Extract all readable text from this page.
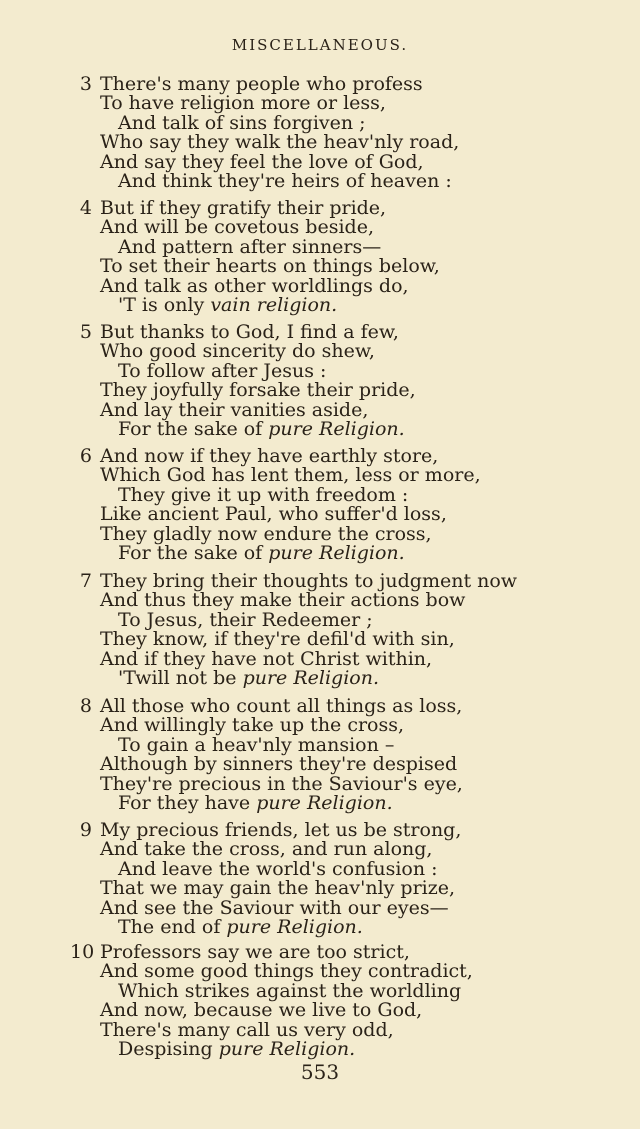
MISCELLANEOUS.
3 There's many people who profess
To have religion more or less,
And talk of sins forgiven ;
Who say they walk the heav'nly road,
And say they feel the love of God,
And think they're heirs of heaven :
4 But if they gratify their pride,
And will be covetous beside,
And pattern after sinners—
To set their hearts on things below,
And talk as other worldlings do,
'T is only vain religion.
5 But thanks to God, I find a few,
Who good sincerity do shew,
To follow after Jesus :
They joyfully forsake their pride,
And lay their vanities aside,
For the sake of pure Religion.
6 And now if they have earthly store,
Which God has lent them, less or more,
They give it up with freedom :
Like ancient Paul, who suffer'd loss,
They gladly now endure the cross,
For the sake of pure Religion.
7 They bring their thoughts to judgment now
And thus they make their actions bow
To Jesus, their Redeemer ;
They know, if they're defil'd with sin,
And if they have not Christ within,
'Twill not be pure Religion.
8 All those who count all things as loss,
And willingly take up the cross,
To gain a heav'nly mansion –
Although by sinners they're despised
They're precious in the Saviour's eye,
For they have pure Religion.
9 My precious friends, let us be strong,
And take the cross, and run along,
And leave the world's confusion :
That we may gain the heav'nly prize,
And see the Saviour with our eyes—
The end of pure Religion.
10 Professors say we are too strict,
And some good things they contradict,
Which strikes against the worldling
And now, because we live to God,
There's many call us very odd,
Despising pure Religion.
553
